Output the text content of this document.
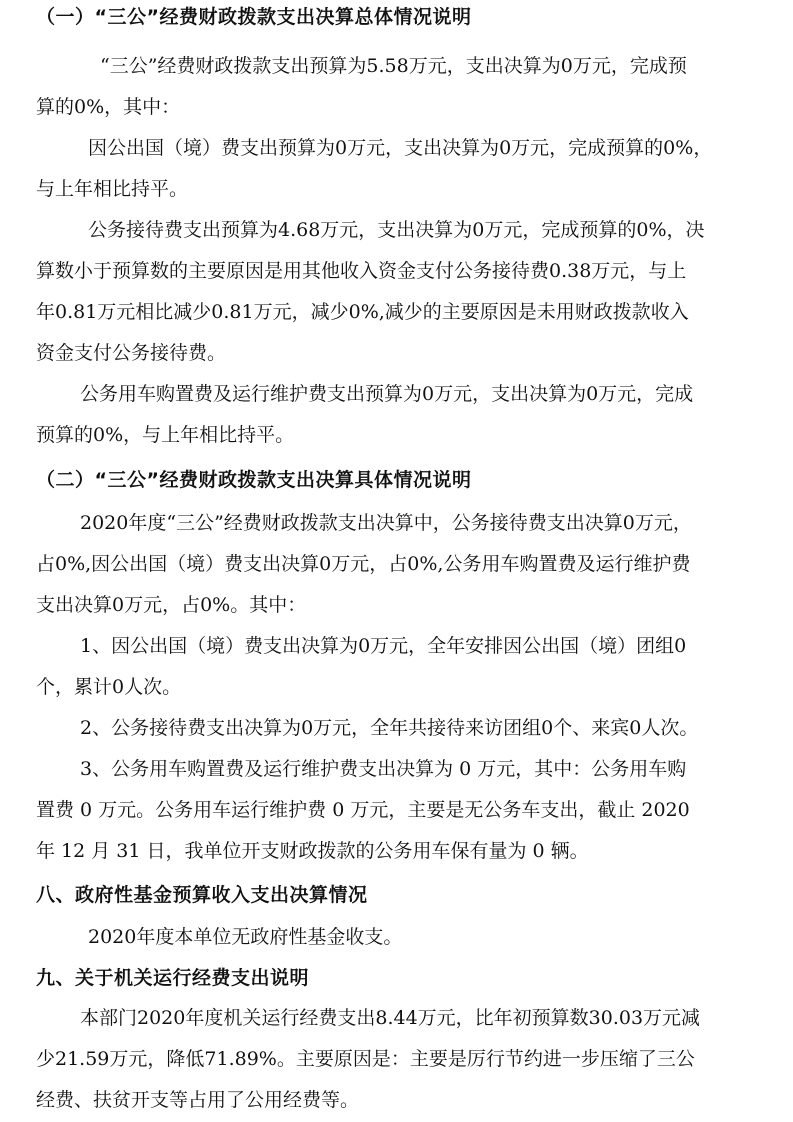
（一）“三公”经费财政拨款支出决算总体情况说明
“三公”经费财政拨款支出预算为5.58万元，支出决算为0万元，完成预
算的0%，其中：
因公出国（境）费支出预算为0万元，支出决算为0万元，完成预算的0%，
与上年相比持平。
公务接待费支出预算为4.68万元，支出决算为0万元，完成预算的0%，决
算数小于预算数的主要原因是用其他收入资金支付公务接待费0.38万元，与上
年0.81万元相比减少0.81万元，减少0%,减少的主要原因是未用财政拨款收入
资金支付公务接待费。
公务用车购置费及运行维护费支出预算为0万元，支出决算为0万元，完成
预算的0%，与上年相比持平。
（二）“三公”经费财政拨款支出决算具体情况说明
2020年度“三公”经费财政拨款支出决算中，公务接待费支出决算0万元，
占0%,因公出国（境）费支出决算0万元，占0%,公务用车购置费及运行维护费
支出决算0万元，占0%。其中：
1、因公出国（境）费支出决算为0万元，全年安排因公出国（境）团组0
个，累计0人次。
2、公务接待费支出决算为0万元，全年共接待来访团组0个、来宾0人次。
3、公务用车购置费及运行维护费支出决算为 0 万元，其中：公务用车购
置费 0 万元。公务用车运行维护费 0 万元，主要是无公务车支出，截止 2020
年 12 月 31 日，我单位开支财政拨款的公务用车保有量为 0 辆。
八、政府性基金预算收入支出决算情况
2020年度本单位无政府性基金收支。
九、关于机关运行经费支出说明
本部门2020年度机关运行经费支出8.44万元，比年初预算数30.03万元减
少21.59万元，降低71.89%。主要原因是：主要是厉行节约进一步压缩了三公
经费、扶贫开支等占用了公用经费等。
